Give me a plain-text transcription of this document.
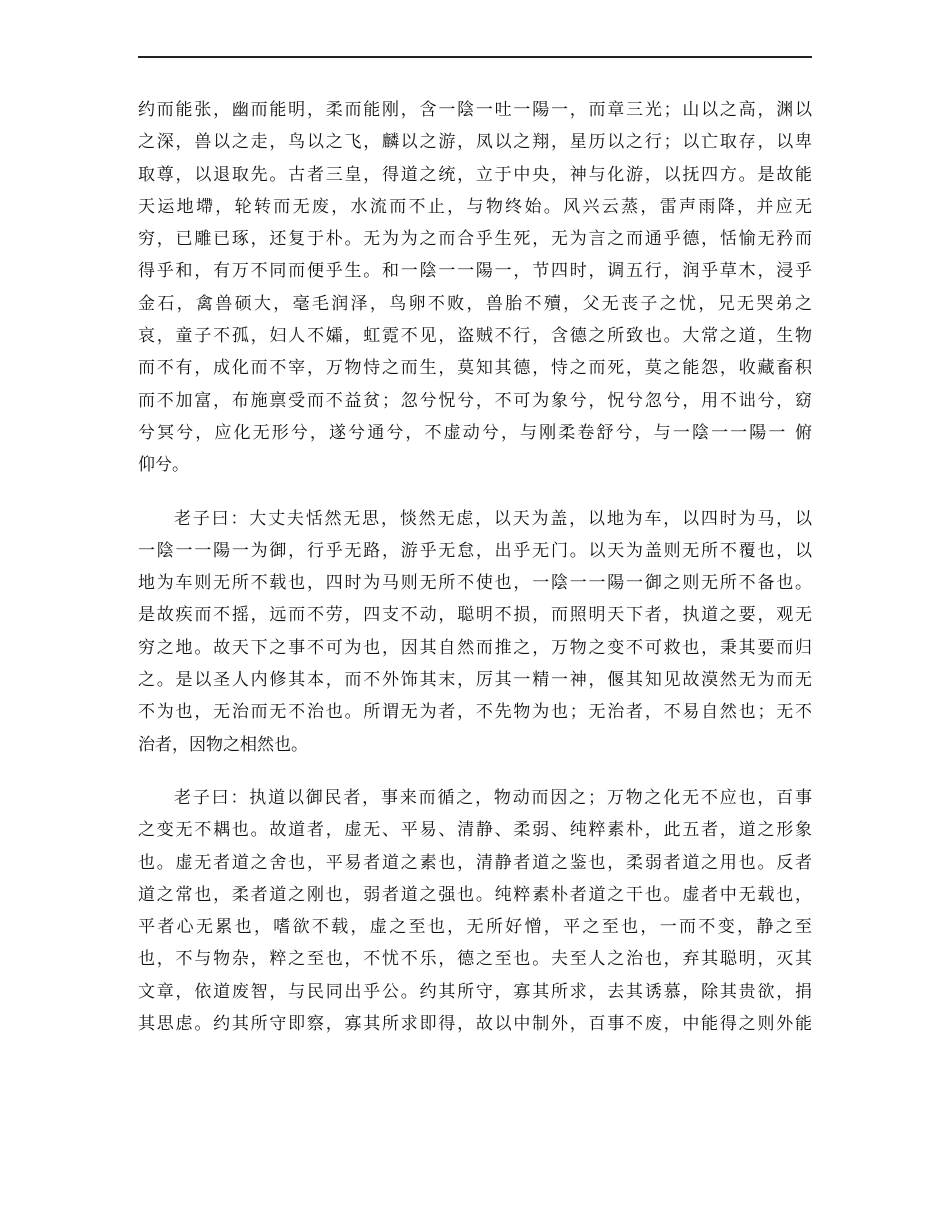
约而能张，幽而能明，柔而能刚，含一陰一吐一陽一，而章三光；山以之高，渊以
之深，兽以之走，鸟以之飞，麟以之游，凤以之翔，星历以之行；以亡取存，以卑
取尊，以退取先。古者三皇，得道之统，立于中央，神与化游，以抚四方。是故能
天运地墆，轮转而无废，水流而不止，与物终始。风兴云蒸，雷声雨降，并应无
穷，已雕已琢，还复于朴。无为为之而合乎生死，无为言之而通乎德，恬愉无矜而
得乎和，有万不同而便乎生。和一陰一一陽一，节四时，调五行，润乎草木，浸乎
金石，禽兽硕大，毫毛润泽，鸟卵不败，兽胎不殰，父无丧子之忧，兄无哭弟之
哀，童子不孤，妇人不孀，虹霓不见，盗贼不行，含德之所致也。大常之道，生物
而不有，成化而不宰，万物恃之而生，莫知其德，恃之而死，莫之能怨，收藏畜积
而不加富，布施禀受而不益贫；忽兮怳兮，不可为象兮，怳兮忽兮，用不诎兮，窈
兮冥兮，应化无形兮，遂兮通兮，不虚动兮，与刚柔卷舒兮，与一陰一一陽一 俯
仰兮。
老子曰：大丈夫恬然无思，惔然无虑，以天为盖，以地为车，以四时为马，以
一陰一一陽一为御，行乎无路，游乎无怠，出乎无门。以天为盖则无所不覆也，以
地为车则无所不载也，四时为马则无所不使也，一陰一一陽一御之则无所不备也。
是故疾而不摇，远而不劳，四支不动，聪明不损，而照明天下者，执道之要，观无
穷之地。故天下之事不可为也，因其自然而推之，万物之变不可救也，秉其要而归
之。是以圣人内修其本，而不外饰其末，厉其一精一神，偃其知见故漠然无为而无
不为也，无治而无不治也。所谓无为者，不先物为也；无治者，不易自然也；无不
治者，因物之相然也。
老子曰：执道以御民者，事来而循之，物动而因之；万物之化无不应也，百事
之变无不耦也。故道者，虚无、平易、清静、柔弱、纯粹素朴，此五者，道之形象
也。虚无者道之舍也，平易者道之素也，清静者道之鉴也，柔弱者道之用也。反者
道之常也，柔者道之刚也，弱者道之强也。纯粹素朴者道之干也。虚者中无载也，
平者心无累也，嗜欲不载，虚之至也，无所好憎，平之至也，一而不变，静之至
也，不与物杂，粹之至也，不忧不乐，德之至也。夫至人之治也，弃其聪明，灭其
文章，依道废智，与民同出乎公。约其所守，寡其所求，去其诱慕，除其贵欲，捐
其思虑。约其所守即察，寡其所求即得，故以中制外，百事不废，中能得之则外能
